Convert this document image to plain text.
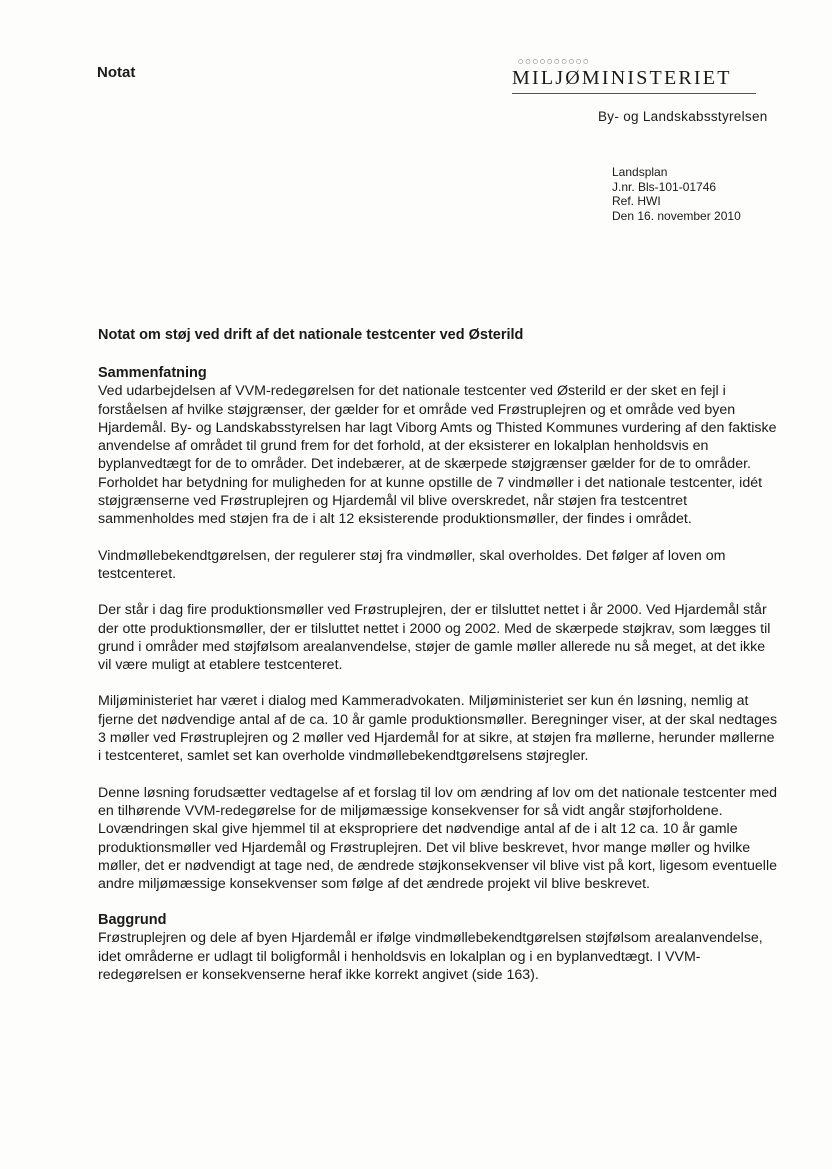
Notat
○○○○○○○○○○
MILJØMINISTERIET
By- og Landskabsstyrelsen
Landsplan
J.nr. Bls-101-01746
Ref. HWI
Den 16. november 2010
Notat om støj ved drift af det nationale testcenter ved Østerild
Sammenfatning

Ved udarbejdelsen af VVM-redegørelsen for det nationale testcenter ved Østerild er der sket en fejl i forståelsen af hvilke støjgrænser, der gælder for et område ved Frøstruplejren og et område ved byen Hjardemål. By- og Landskabsstyrelsen har lagt Viborg Amts og Thisted Kommunes vurdering af den faktiske anvendelse af området til grund frem for det forhold, at der eksisterer en lokalplan henholdsvis en byplanvedtægt for de to områder. Det indebærer, at de skærpede støjgrænser gælder for de to områder. Forholdet har betydning for muligheden for at kunne opstille de 7 vindmøller i det nationale testcenter, idét støjgrænserne ved Frøstruplejren og Hjardemål vil blive overskredet, når støjen fra testcentret sammenholdes med støjen fra de i alt 12 eksisterende produktionsmøller, der findes i området.

Vindmøllebekendtgørelsen, der regulerer støj fra vindmøller, skal overholdes. Det følger af loven om testcenteret.

Der står i dag fire produktionsmøller ved Frøstruplejren, der er tilsluttet nettet i år 2000. Ved Hjardemål står der otte produktionsmøller, der er tilsluttet nettet i 2000 og 2002. Med de skærpede støjkrav, som lægges til grund i områder med støjfølsom arealanvendelse, støjer de gamle møller allerede nu så meget, at det ikke vil være muligt at etablere testcenteret.

Miljøministeriet har været i dialog med Kammeradvokaten. Miljøministeriet ser kun én løsning, nemlig at fjerne det nødvendige antal af de ca. 10 år gamle produktionsmøller. Beregninger viser, at der skal nedtages 3 møller ved Frøstruplejren og 2 møller ved Hjardemål for at sikre, at støjen fra møllerne, herunder møllerne i testcenteret, samlet set kan overholde vindmøllebekendtgørelsens støjregler.

Denne løsning forudsætter vedtagelse af et forslag til lov om ændring af lov om det nationale testcenter med en tilhørende VVM-redegørelse for de miljømæssige konsekvenser for så vidt angår støjforholdene. Lovændringen skal give hjemmel til at ekspropriere det nødvendige antal af de i alt 12 ca. 10 år gamle produktionsmøller ved Hjardemål og Frøstruplejren. Det vil blive beskrevet, hvor mange møller og hvilke møller, det er nødvendigt at tage ned, de ændrede støjkonsekvenser vil blive vist på kort, ligesom eventuelle andre miljømæssige konsekvenser som følge af det ændrede projekt vil blive beskrevet.

Baggrund

Frøstruplejren og dele af byen Hjardemål er ifølge vindmøllebekendtgørelsen støjfølsom arealanvendelse, idet områderne er udlagt til boligformål i henholdsvis en lokalplan og i en byplanvedtægt. I VVM-redegørelsen er konsekvenserne heraf ikke korrekt angivet (side 163).
